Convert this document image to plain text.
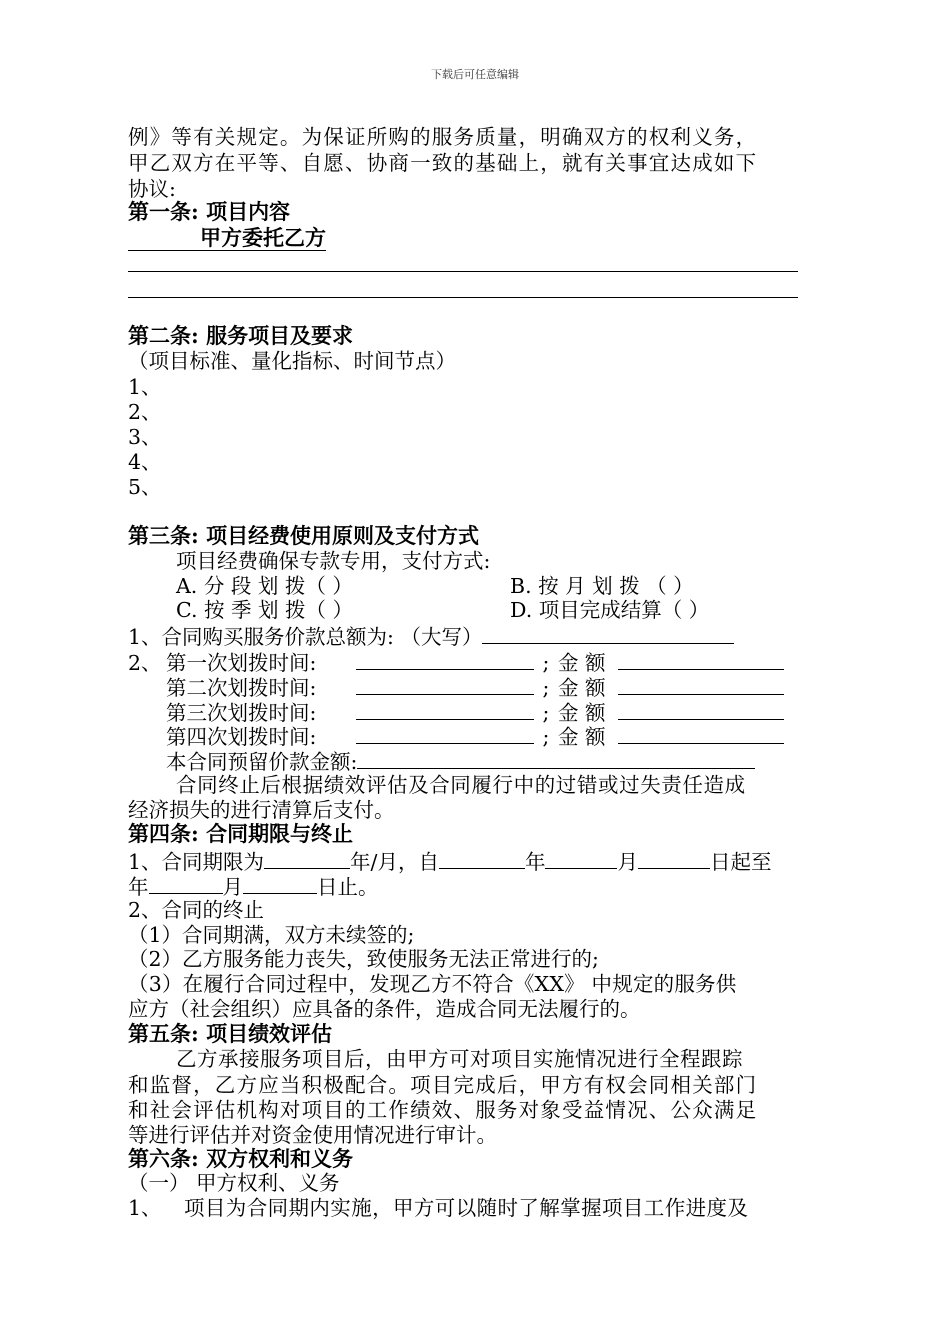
下载后可任意编辑
例》等有关规定。为保证所购的服务质量，明确双方的权利义务，
甲乙双方在平等、自愿、协商一致的基础上，就有关事宜达成如下
协议:
第一条: 项目内容
甲方委托乙方
第二条: 服务项目及要求
（项目标准、量化指标、时间节点）
1、
2、
3、
4、
5、
第三条: 项目经费使用原则及支付方式
项目经费确保专款专用，支付方式:
A. 分 段 划 拨（ ）	B. 按 月 划 拨 （ ）
C. 按 季 划 拨（ ）	D. 项目完成结算（ ）
1、合同购买服务价款总额为: （大写）
2、 第一次划拨时间:	; 金 额
第二次划拨时间:	; 金 额
第三次划拨时间:	; 金 额
第四次划拨时间:	; 金 额
本合同预留价款金额:
合同终止后根据绩效评估及合同履行中的过错或过失责任造成
经济损失的进行清算后支付。
第四条: 合同期限与终止
1、合同期限为	年/月，自	年	月	日起至
年	月	日止。
2、合同的终止
（1）合同期满，双方未续签的;
（2）乙方服务能力丧失，致使服务无法正常进行的;
（3）在履行合同过程中，发现乙方不符合《XX》 中规定的服务供
应方（社会组织）应具备的条件，造成合同无法履行的。
第五条: 项目绩效评估
乙方承接服务项目后，由甲方可对项目实施情况进行全程跟踪
和监督，乙方应当积极配合。项目完成后，甲方有权会同相关部门
和社会评估机构对项目的工作绩效、服务对象受益情况、公众满足
等进行评估并对资金使用情况进行审计。
第六条: 双方权利和义务
（一） 甲方权利、义务
1、 项目为合同期内实施，甲方可以随时了解掌握项目工作进度及
